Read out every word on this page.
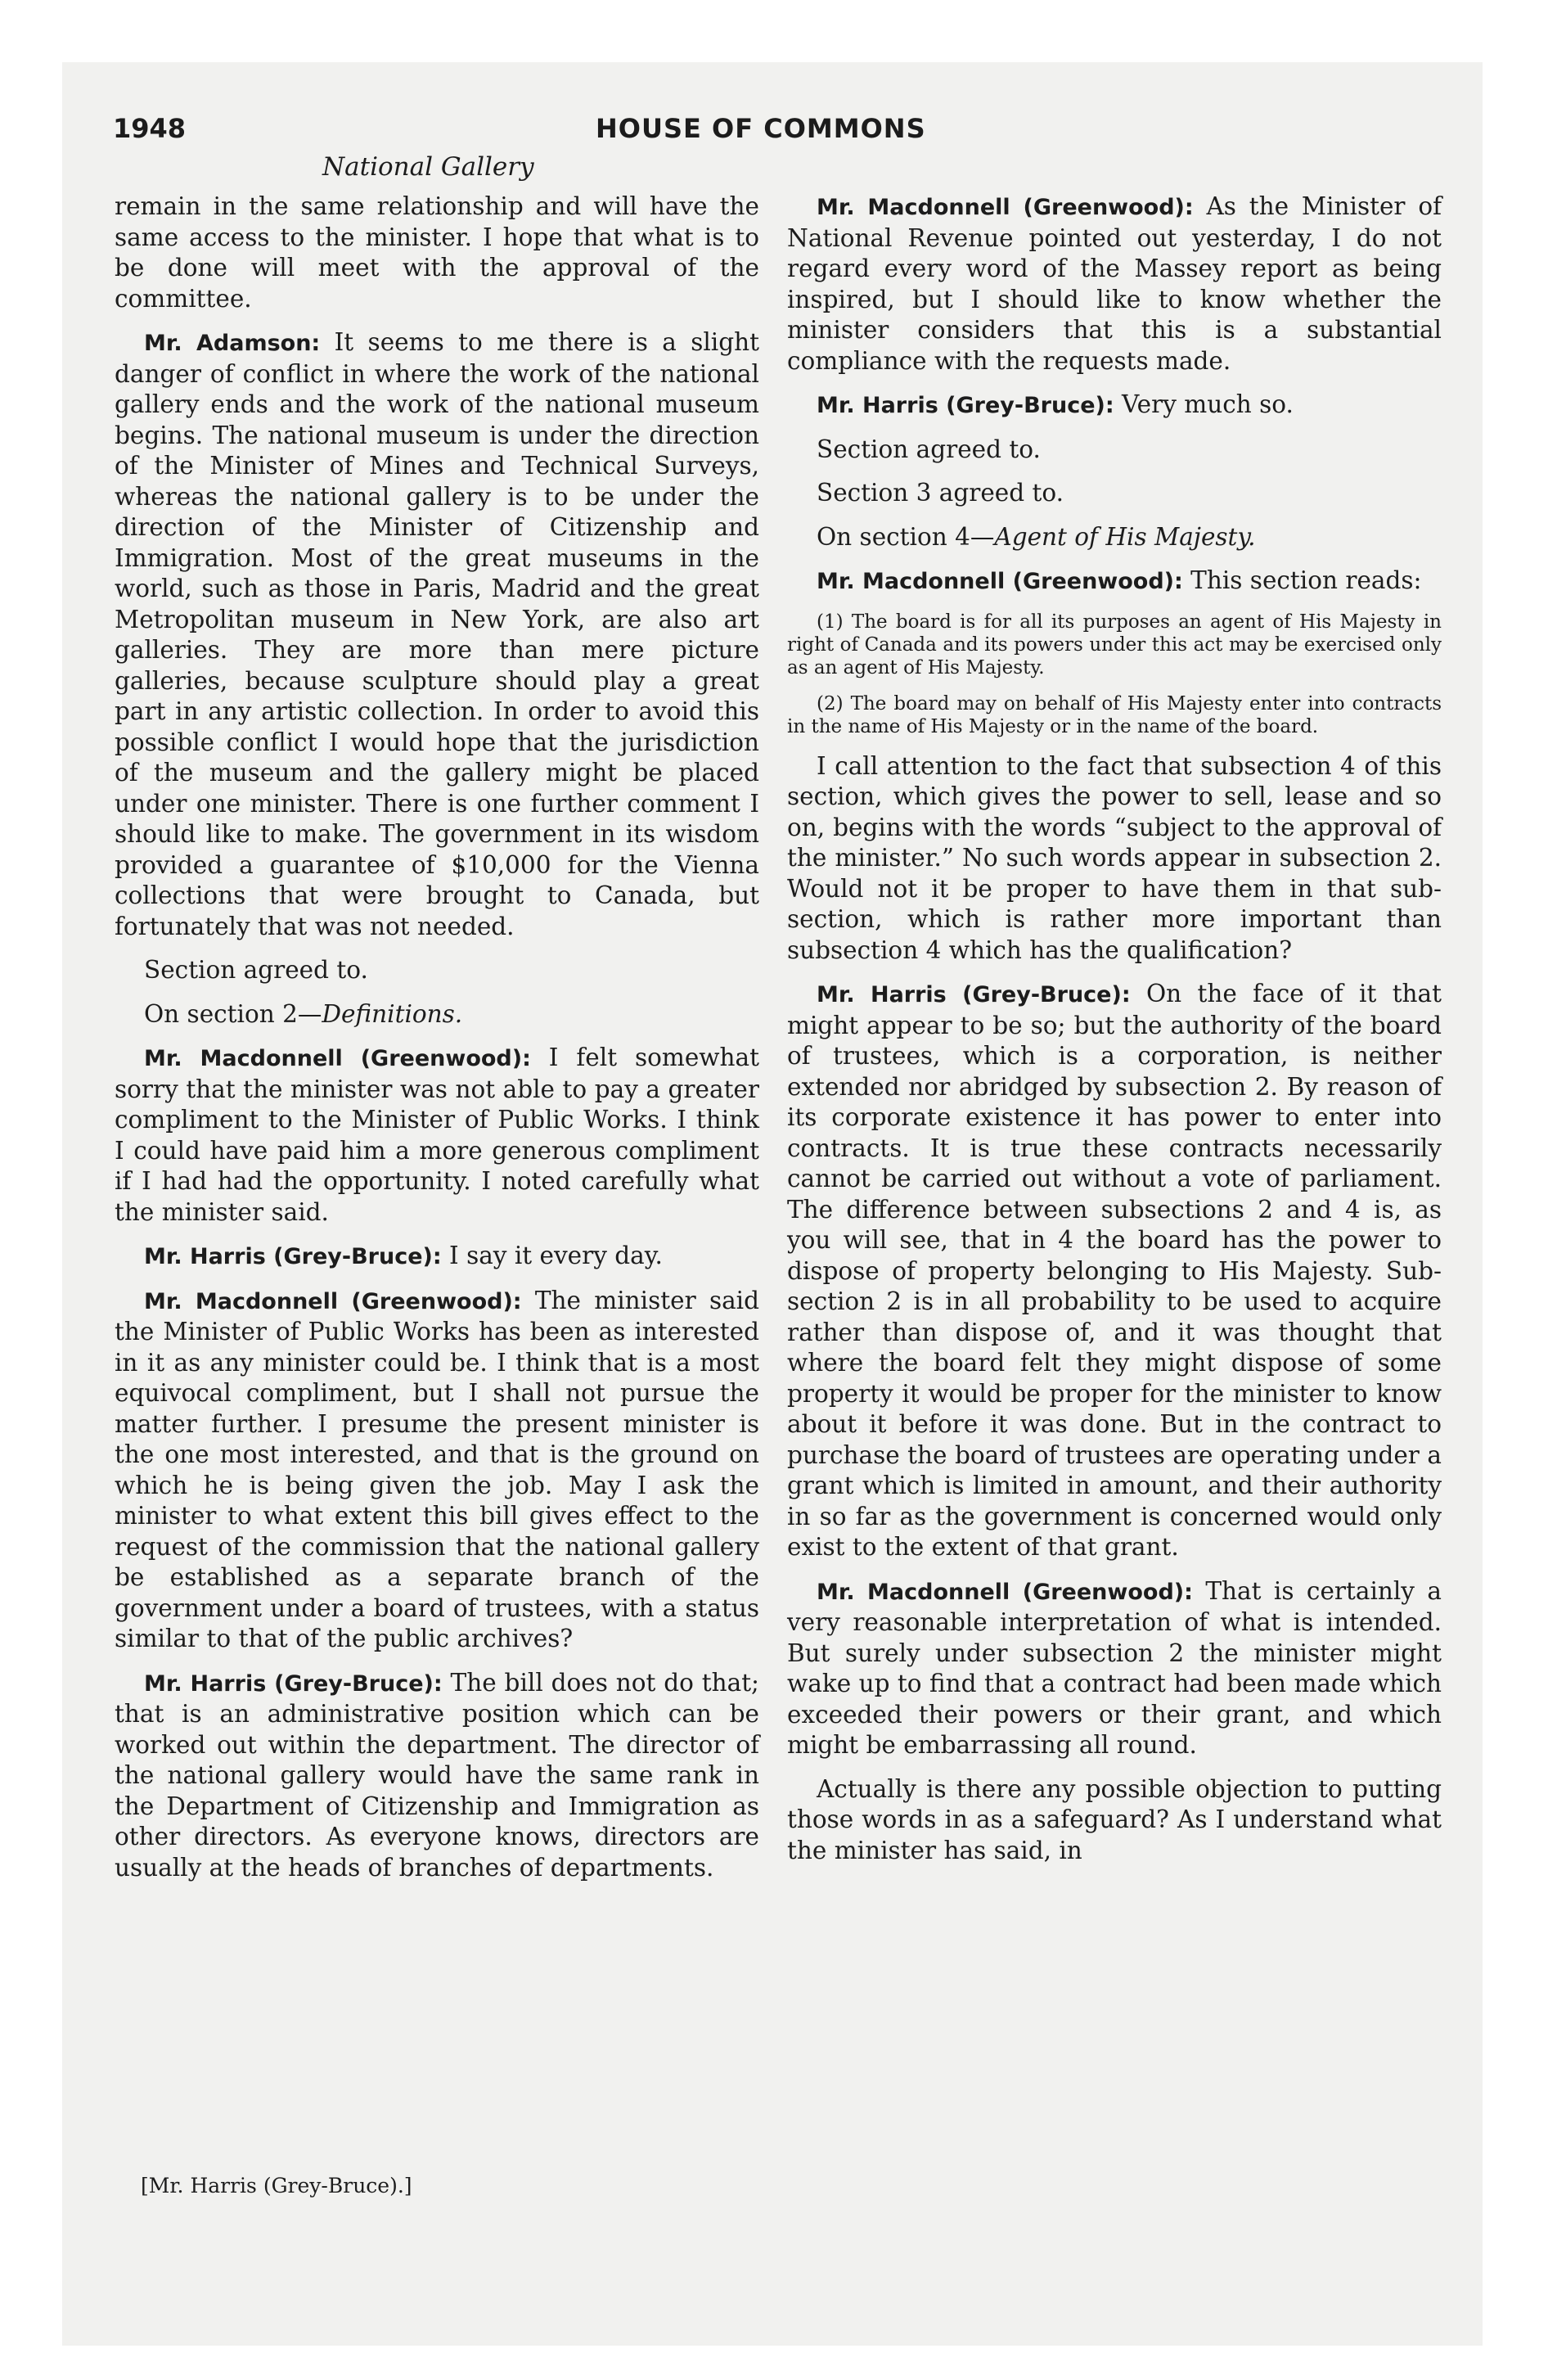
1948	HOUSE OF COMMONS
National Gallery

remain in the same relationship and will have the same access to the minister. I hope that what is to be done will meet with the approval of the committee.

Mr. Adamson: It seems to me there is a slight danger of conflict in where the work of the national gallery ends and the work of the national museum begins. The national museum is under the direction of the Minister of Mines and Technical Surveys, whereas the national gallery is to be under the direction of the Minister of Citizenship and Immigration. Most of the great museums in the world, such as those in Paris, Madrid and the great Metropolitan museum in New York, are also art galleries. They are more than mere picture galleries, because sculpture should play a great part in any artistic collection. In order to avoid this possible conflict I would hope that the jurisdiction of the museum and the gallery might be placed under one minister. There is one further comment I should like to make. The government in its wisdom provided a guarantee of $10,000 for the Vienna collections that were brought to Canada, but fortunately that was not needed.

Section agreed to.

On section 2—Definitions.

Mr. Macdonnell (Greenwood): I felt somewhat sorry that the minister was not able to pay a greater compliment to the Minister of Public Works. I think I could have paid him a more generous compliment if I had had the opportunity. I noted carefully what the minister said.

Mr. Harris (Grey-Bruce): I say it every day.

Mr. Macdonnell (Greenwood): The minister said the Minister of Public Works has been as interested in it as any minister could be. I think that is a most equivocal compliment, but I shall not pursue the matter further. I presume the present minister is the one most interested, and that is the ground on which he is being given the job. May I ask the minister to what extent this bill gives effect to the request of the commission that the national gallery be established as a separate branch of the government under a board of trustees, with a status similar to that of the public archives?

Mr. Harris (Grey-Bruce): The bill does not do that; that is an administrative position which can be worked out within the department. The director of the national gallery would have the same rank in the Department of Citizenship and Immigration as other directors. As everyone knows, directors are usually at the heads of branches of departments.

[Mr. Harris (Grey-Bruce).]

Mr. Macdonnell (Greenwood): As the Minister of National Revenue pointed out yesterday, I do not regard every word of the Massey report as being inspired, but I should like to know whether the minister considers that this is a substantial compliance with the requests made.

Mr. Harris (Grey-Bruce): Very much so.

Section agreed to.

Section 3 agreed to.

On section 4—Agent of His Majesty.

Mr. Macdonnell (Greenwood): This section reads:

(1) The board is for all its purposes an agent of His Majesty in right of Canada and its powers under this act may be exercised only as an agent of His Majesty.

(2) The board may on behalf of His Majesty enter into contracts in the name of His Majesty or in the name of the board.

I call attention to the fact that subsection 4 of this section, which gives the power to sell, lease and so on, begins with the words “subject to the approval of the minister.” No such words appear in subsection 2. Would not it be proper to have them in that subsection, which is rather more important than subsection 4 which has the qualification?

Mr. Harris (Grey-Bruce): On the face of it that might appear to be so; but the authority of the board of trustees, which is a corporation, is neither extended nor abridged by subsection 2. By reason of its corporate existence it has power to enter into contracts. It is true these contracts necessarily cannot be carried out without a vote of parliament. The difference between subsections 2 and 4 is, as you will see, that in 4 the board has the power to dispose of property belonging to His Majesty. Subsection 2 is in all probability to be used to acquire rather than dispose of, and it was thought that where the board felt they might dispose of some property it would be proper for the minister to know about it before it was done. But in the contract to purchase the board of trustees are operating under a grant which is limited in amount, and their authority in so far as the government is concerned would only exist to the extent of that grant.

Mr. Macdonnell (Greenwood): That is certainly a very reasonable interpretation of what is intended. But surely under subsection 2 the minister might wake up to find that a contract had been made which exceeded their powers or their grant, and which might be embarrassing all round.

Actually is there any possible objection to putting those words in as a safeguard? As I understand what the minister has said, in
